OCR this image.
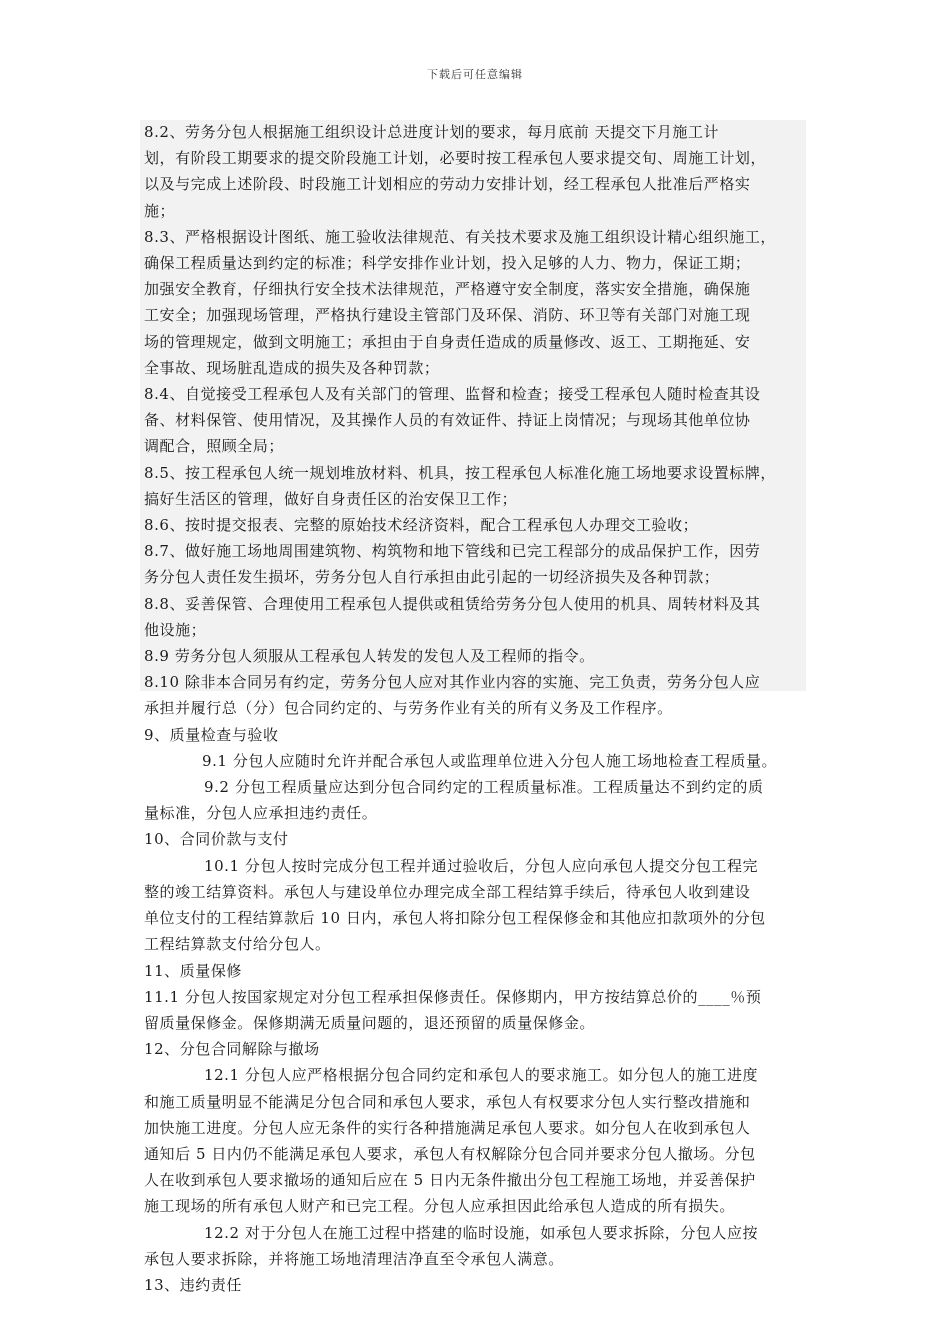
下载后可任意编辑

8.2、劳务分包人根据施工组织设计总进度计划的要求，每月底前 天提交下月施工计

划，有阶段工期要求的提交阶段施工计划，必要时按工程承包人要求提交旬、周施工计划，

以及与完成上述阶段、时段施工计划相应的劳动力安排计划，经工程承包人批准后严格实

施；

8.3、严格根据设计图纸、施工验收法律规范、有关技术要求及施工组织设计精心组织施工，

确保工程质量达到约定的标准；科学安排作业计划，投入足够的人力、物力，保证工期；

加强安全教育，仔细执行安全技术法律规范，严格遵守安全制度，落实安全措施，确保施

工安全；加强现场管理，严格执行建设主管部门及环保、消防、环卫等有关部门对施工现

场的管理规定，做到文明施工；承担由于自身责任造成的质量修改、返工、工期拖延、安

全事故、现场脏乱造成的损失及各种罚款；

8.4、自觉接受工程承包人及有关部门的管理、监督和检查；接受工程承包人随时检查其设

备、材料保管、使用情况，及其操作人员的有效证件、持证上岗情况；与现场其他单位协

调配合，照顾全局；

8.5、按工程承包人统一规划堆放材料、机具，按工程承包人标准化施工场地要求设置标牌，

搞好生活区的管理，做好自身责任区的治安保卫工作；

8.6、按时提交报表、完整的原始技术经济资料，配合工程承包人办理交工验收；

8.7、做好施工场地周围建筑物、构筑物和地下管线和已完工程部分的成品保护工作，因劳

务分包人责任发生损坏，劳务分包人自行承担由此引起的一切经济损失及各种罚款；

8.8、妥善保管、合理使用工程承包人提供或租赁给劳务分包人使用的机具、周转材料及其

他设施；

8.9 劳务分包人须服从工程承包人转发的发包人及工程师的指令。

8.10 除非本合同另有约定，劳务分包人应对其作业内容的实施、完工负责，劳务分包人应

承担并履行总（分）包合同约定的、与劳务作业有关的所有义务及工作程序。

9、质量检查与验收

9.1 分包人应随时允许并配合承包人或监理单位进入分包人施工场地检查工程质量。

9.2 分包工程质量应达到分包合同约定的工程质量标准。工程质量达不到约定的质

量标准，分包人应承担违约责任。

10、合同价款与支付

10.1 分包人按时完成分包工程并通过验收后，分包人应向承包人提交分包工程完

整的竣工结算资料。承包人与建设单位办理完成全部工程结算手续后，待承包人收到建设

单位支付的工程结算款后 10 日内，承包人将扣除分包工程保修金和其他应扣款项外的分包

工程结算款支付给分包人。

11、质量保修

11.1 分包人按国家规定对分包工程承担保修责任。保修期内，甲方按结算总价的____％预

留质量保修金。保修期满无质量问题的，退还预留的质量保修金。

12、分包合同解除与撤场

12.1 分包人应严格根据分包合同约定和承包人的要求施工。如分包人的施工进度

和施工质量明显不能满足分包合同和承包人要求，承包人有权要求分包人实行整改措施和

加快施工进度。分包人应无条件的实行各种措施满足承包人要求。如分包人在收到承包人

通知后 5 日内仍不能满足承包人要求，承包人有权解除分包合同并要求分包人撤场。分包

人在收到承包人要求撤场的通知后应在 5 日内无条件撤出分包工程施工场地，并妥善保护

施工现场的所有承包人财产和已完工程。分包人应承担因此给承包人造成的所有损失。

12.2 对于分包人在施工过程中搭建的临时设施，如承包人要求拆除，分包人应按

承包人要求拆除，并将施工场地清理洁净直至令承包人满意。

13、违约责任
